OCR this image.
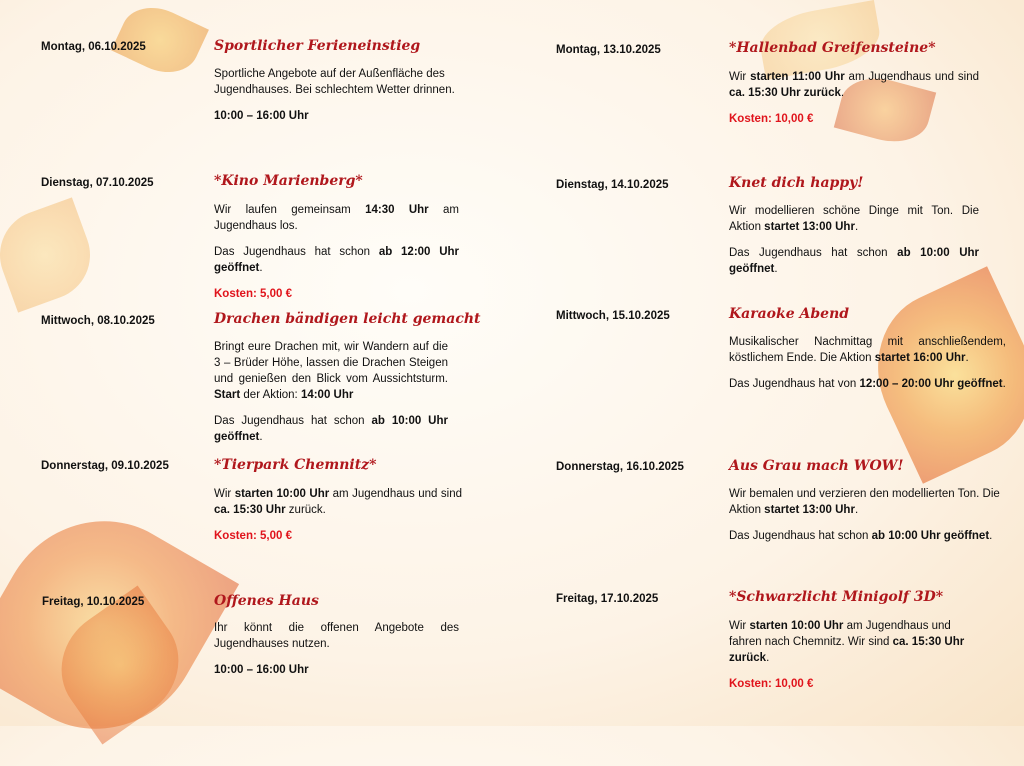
Montag, 06.10.2025	Sportlicher Ferieneinstieg

Sportliche Angebote auf der Außenfläche des Jugendhauses. Bei schlechtem Wetter drinnen.

10:00 – 16:00 Uhr

Dienstag, 07.10.2025	*Kino Marienberg*

Wir laufen gemeinsam 14:30 Uhr am Jugendhaus los.

Das Jugendhaus hat schon ab 12:00 Uhr geöffnet.

Kosten: 5,00 €

Mittwoch, 08.10.2025	Drachen bändigen leicht gemacht

Bringt eure Drachen mit, wir Wandern auf die 3 – Brüder Höhe, lassen die Drachen Steigen und genießen den Blick vom Aussichtsturm. Start der Aktion: 14:00 Uhr

Das Jugendhaus hat schon ab 10:00 Uhr geöffnet.

Donnerstag, 09.10.2025	*Tierpark Chemnitz*

Wir starten 10:00 Uhr am Jugendhaus und sind ca. 15:30 Uhr zurück.

Kosten: 5,00 €

Freitag, 10.10.2025	Offenes Haus

Ihr könnt die offenen Angebote des Jugendhauses nutzen.

10:00 – 16:00 Uhr

Montag, 13.10.2025	*Hallenbad Greifensteine*

Wir starten 11:00 Uhr am Jugendhaus und sind ca. 15:30 Uhr zurück.

Kosten: 10,00 €

Dienstag, 14.10.2025	Knet dich happy!

Wir modellieren schöne Dinge mit Ton. Die Aktion startet 13:00 Uhr.

Das Jugendhaus hat schon ab 10:00 Uhr geöffnet.

Mittwoch, 15.10.2025	Karaoke Abend

Musikalischer Nachmittag mit anschließendem, köstlichem Ende. Die Aktion startet 16:00 Uhr.

Das Jugendhaus hat von 12:00 – 20:00 Uhr geöffnet.

Donnerstag, 16.10.2025	Aus Grau mach WOW!

Wir bemalen und verzieren den modellierten Ton. Die Aktion startet 13:00 Uhr.

Das Jugendhaus hat schon ab 10:00 Uhr geöffnet.

Freitag, 17.10.2025	*Schwarzlicht Minigolf 3D*

Wir starten 10:00 Uhr am Jugendhaus und fahren nach Chemnitz. Wir sind ca. 15:30 Uhr zurück.

Kosten: 10,00 €
